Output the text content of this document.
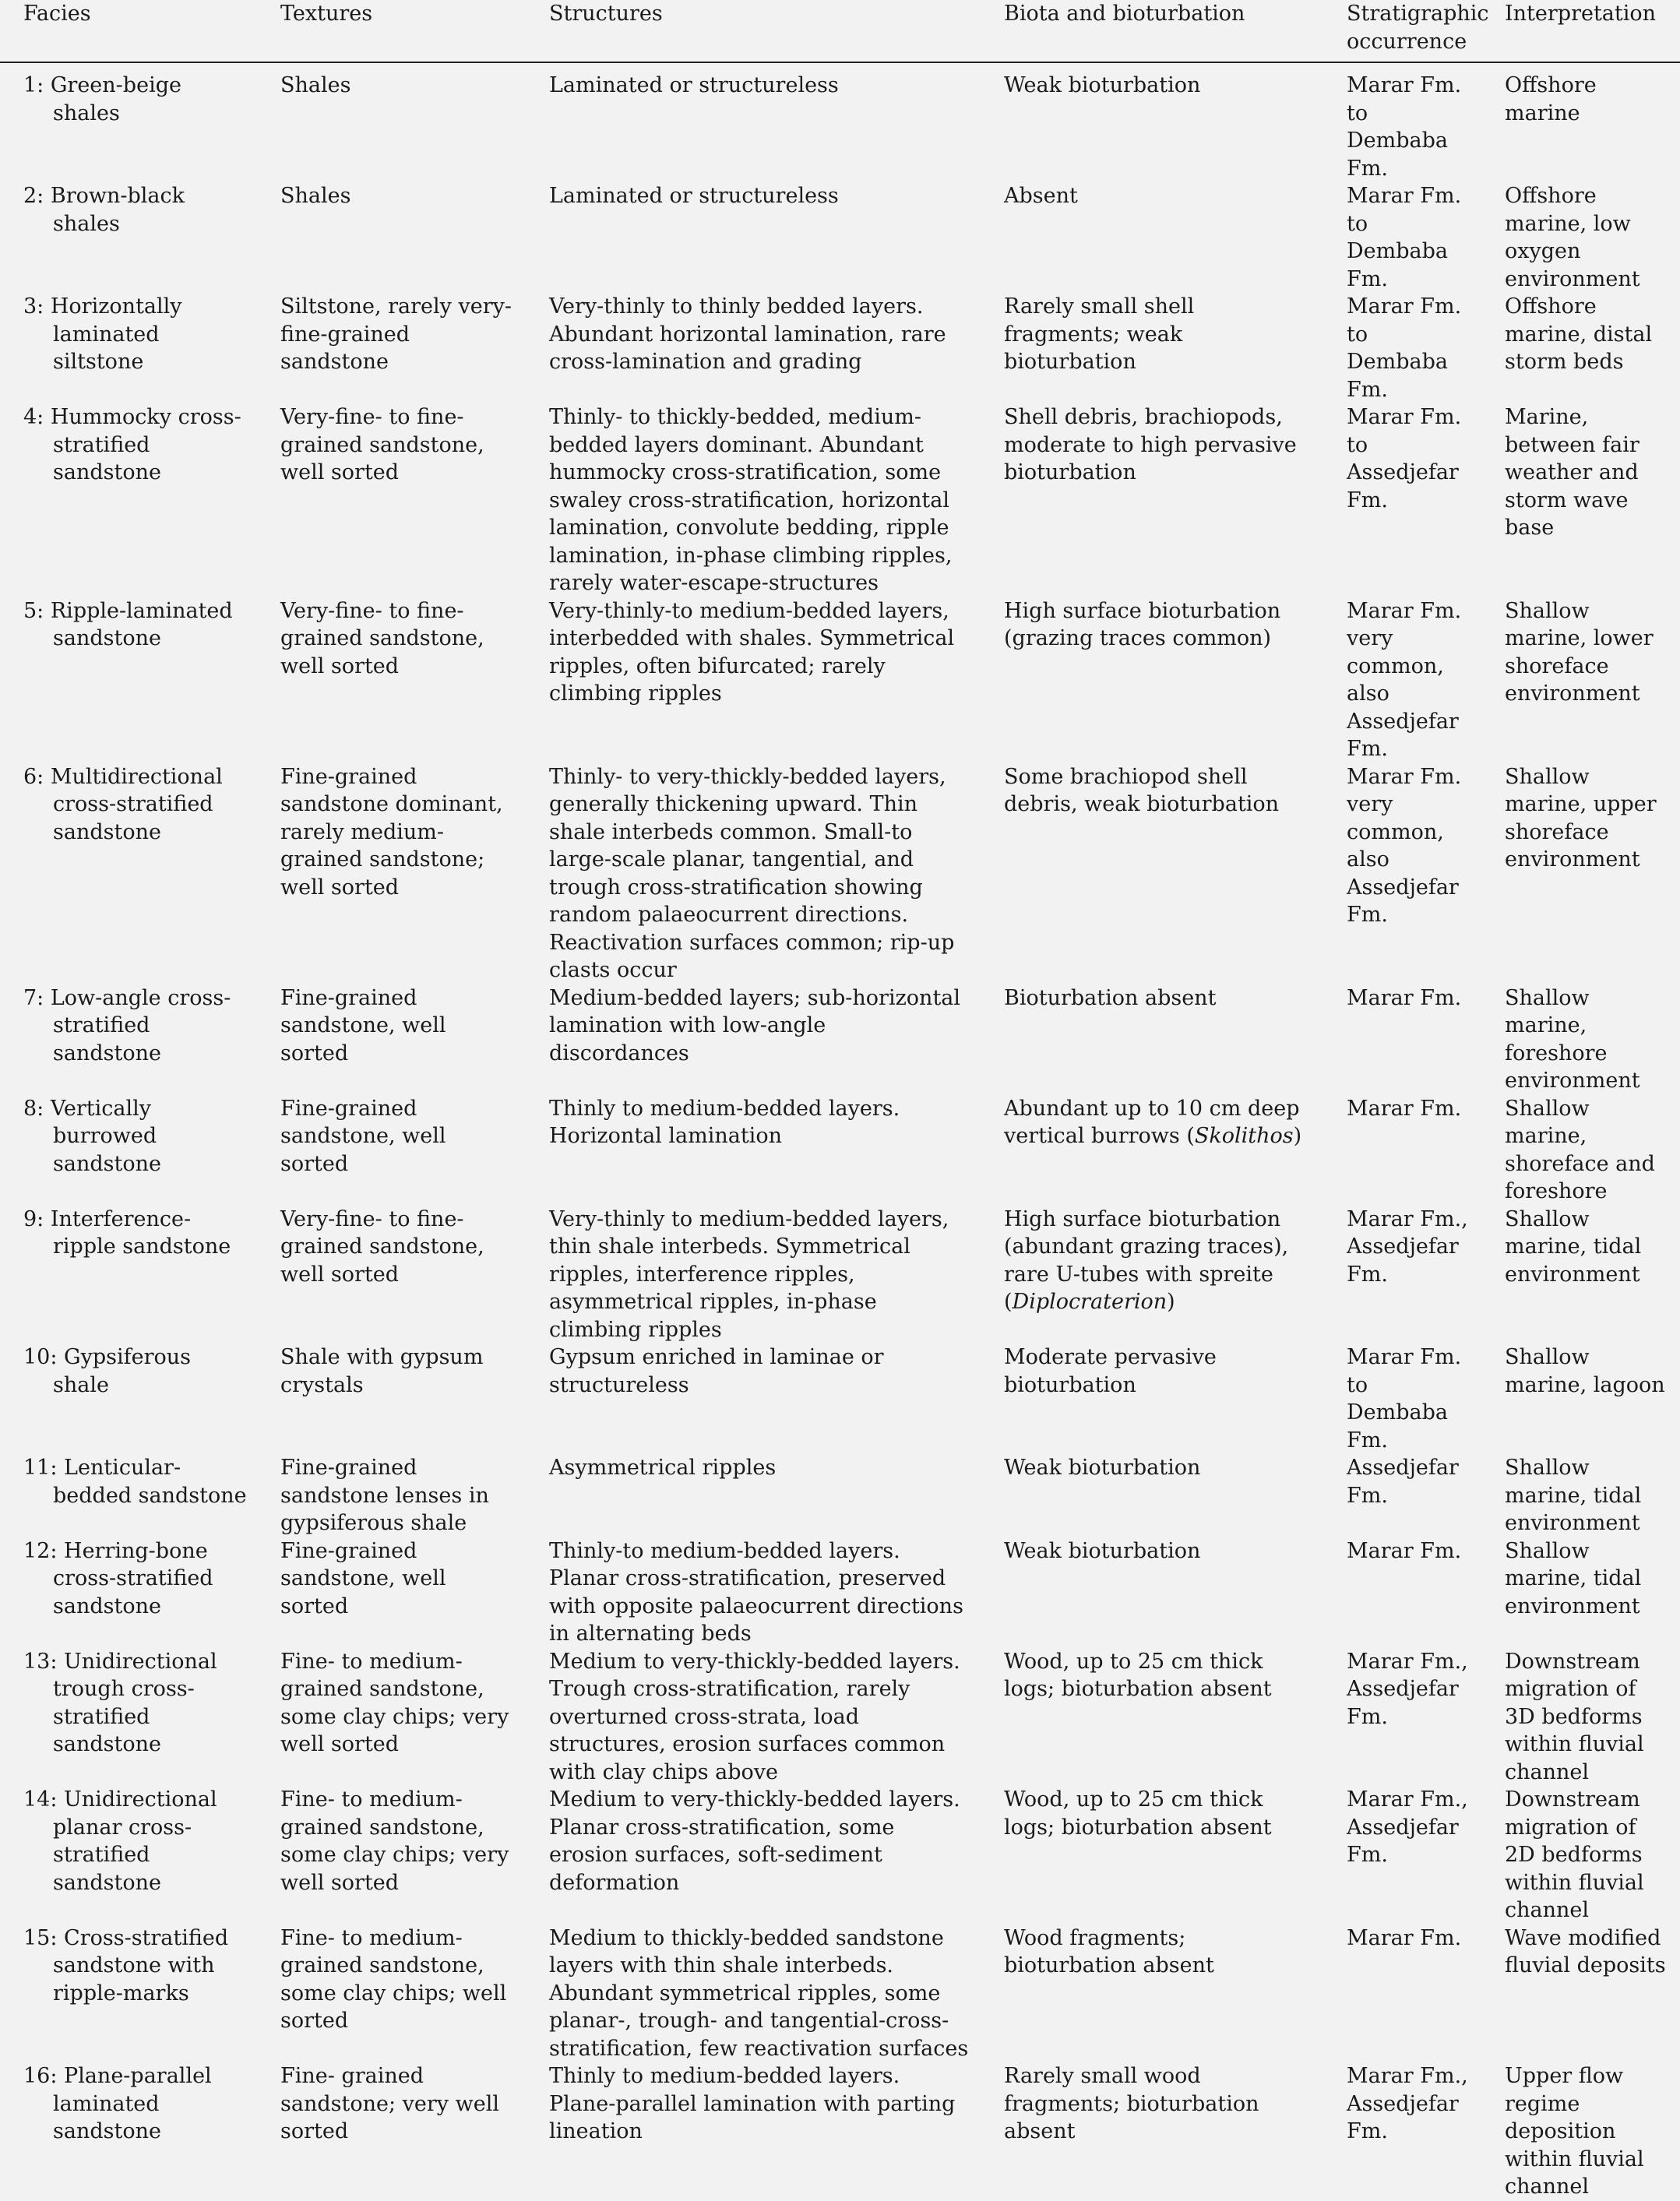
Facies	Textures	Structures	Biota and bioturbation	Stratigraphic occurrence	Interpretation
1: Green-beige shales	Shales	Laminated or structureless	Weak bioturbation	Marar Fm. to Dembaba Fm.	Offshore marine
2: Brown-black shales	Shales	Laminated or structureless	Absent	Marar Fm. to Dembaba Fm.	Offshore marine, low oxygen environment
3: Horizontally laminated siltstone	Siltstone, rarely very-fine-grained sandstone	Very-thinly to thinly bedded layers. Abundant horizontal lamination, rare cross-lamination and grading	Rarely small shell fragments; weak bioturbation	Marar Fm. to Dembaba Fm.	Offshore marine, distal storm beds
4: Hummocky cross-stratified sandstone	Very-fine- to fine-grained sandstone, well sorted	Thinly- to thickly-bedded, medium-bedded layers dominant. Abundant hummocky cross-stratification, some swaley cross-stratification, horizontal lamination, convolute bedding, ripple lamination, in-phase climbing ripples, rarely water-escape-structures	Shell debris, brachiopods, moderate to high pervasive bioturbation	Marar Fm. to Assedjefar Fm.	Marine, between fair weather and storm wave base
5: Ripple-laminated sandstone	Very-fine- to fine-grained sandstone, well sorted	Very-thinly-to medium-bedded layers, interbedded with shales. Symmetrical ripples, often bifurcated; rarely climbing ripples	High surface bioturbation (grazing traces common)	Marar Fm. very common, also Assedjefar Fm.	Shallow marine, lower shoreface environment
6: Multidirectional cross-stratified sandstone	Fine-grained sandstone dominant, rarely medium-grained sandstone; well sorted	Thinly- to very-thickly-bedded layers, generally thickening upward. Thin shale interbeds common. Small-to large-scale planar, tangential, and trough cross-stratification showing random palaeocurrent directions. Reactivation surfaces common; rip-up clasts occur	Some brachiopod shell debris, weak bioturbation	Marar Fm. very common, also Assedjefar Fm.	Shallow marine, upper shoreface environment
7: Low-angle cross-stratified sandstone	Fine-grained sandstone, well sorted	Medium-bedded layers; sub-horizontal lamination with low-angle discordances	Bioturbation absent	Marar Fm.	Shallow marine, foreshore environment
8: Vertically burrowed sandstone	Fine-grained sandstone, well sorted	Thinly to medium-bedded layers. Horizontal lamination	Abundant up to 10 cm deep vertical burrows (Skolithos)	Marar Fm.	Shallow marine, shoreface and foreshore
9: Interference-ripple sandstone	Very-fine- to fine-grained sandstone, well sorted	Very-thinly to medium-bedded layers, thin shale interbeds. Symmetrical ripples, interference ripples, asymmetrical ripples, in-phase climbing ripples	High surface bioturbation (abundant grazing traces), rare U-tubes with spreite (Diplocraterion)	Marar Fm., Assedjefar Fm.	Shallow marine, tidal environment
10: Gypsiferous shale	Shale with gypsum crystals	Gypsum enriched in laminae or structureless	Moderate pervasive bioturbation	Marar Fm. to Dembaba Fm.	Shallow marine, lagoon
11: Lenticular-bedded sandstone	Fine-grained sandstone lenses in gypsiferous shale	Asymmetrical ripples	Weak bioturbation	Assedjefar Fm.	Shallow marine, tidal environment
12: Herring-bone cross-stratified sandstone	Fine-grained sandstone, well sorted	Thinly-to medium-bedded layers. Planar cross-stratification, preserved with opposite palaeocurrent directions in alternating beds	Weak bioturbation	Marar Fm.	Shallow marine, tidal environment
13: Unidirectional trough cross-stratified sandstone	Fine- to medium-grained sandstone, some clay chips; very well sorted	Medium to very-thickly-bedded layers. Trough cross-stratification, rarely overturned cross-strata, load structures, erosion surfaces common with clay chips above	Wood, up to 25 cm thick logs; bioturbation absent	Marar Fm., Assedjefar Fm.	Downstream migration of 3D bedforms within fluvial channel
14: Unidirectional planar cross-stratified sandstone	Fine- to medium-grained sandstone, some clay chips; very well sorted	Medium to very-thickly-bedded layers. Planar cross-stratification, some erosion surfaces, soft-sediment deformation	Wood, up to 25 cm thick logs; bioturbation absent	Marar Fm., Assedjefar Fm.	Downstream migration of 2D bedforms within fluvial channel
15: Cross-stratified sandstone with ripple-marks	Fine- to medium-grained sandstone, some clay chips; well sorted	Medium to thickly-bedded sandstone layers with thin shale interbeds. Abundant symmetrical ripples, some planar-, trough- and tangential-cross-stratification, few reactivation surfaces	Wood fragments; bioturbation absent	Marar Fm.	Wave modified fluvial deposits
16: Plane-parallel laminated sandstone	Fine- grained sandstone; very well sorted	Thinly to medium-bedded layers. Plane-parallel lamination with parting lineation	Rarely small wood fragments; bioturbation absent	Marar Fm., Assedjefar Fm.	Upper flow regime deposition within fluvial channel
